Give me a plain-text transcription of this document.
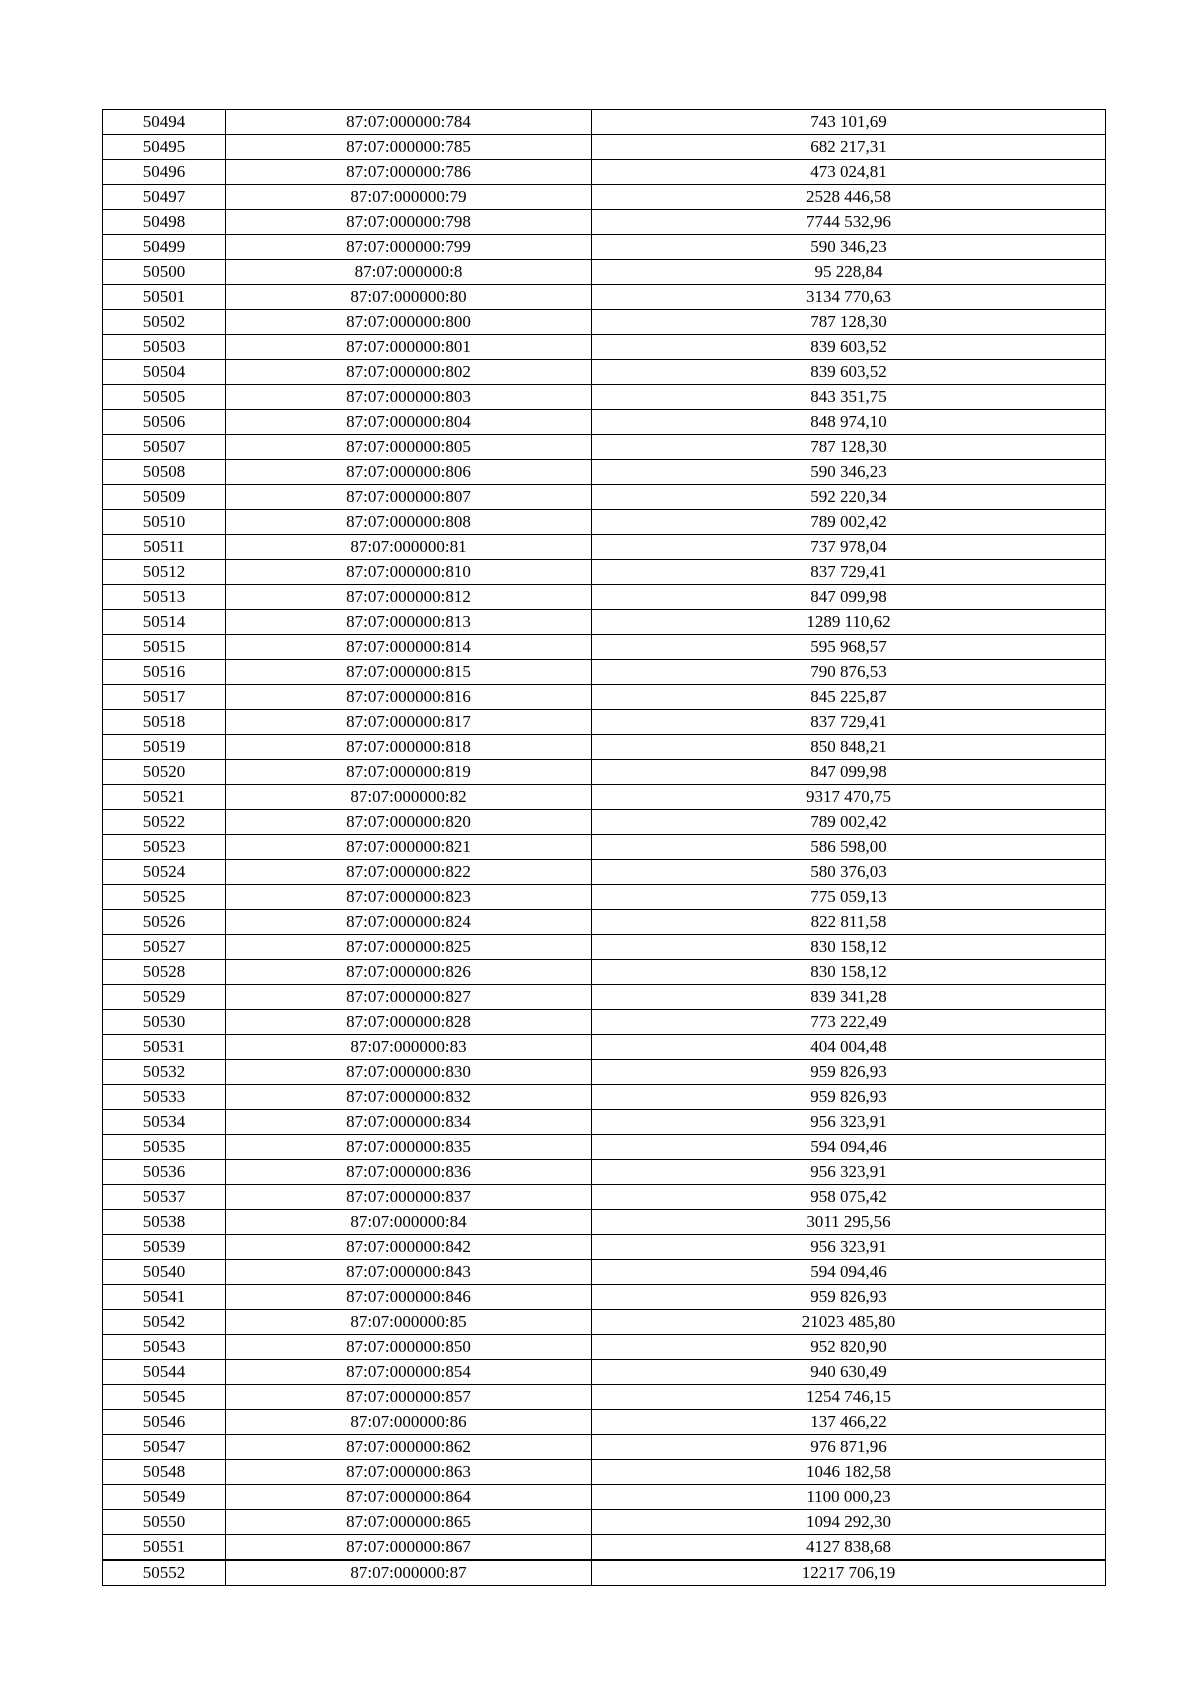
50494	87:07:000000:784	743 101,69
50495	87:07:000000:785	682 217,31
50496	87:07:000000:786	473 024,81
50497	87:07:000000:79	2528 446,58
50498	87:07:000000:798	7744 532,96
50499	87:07:000000:799	590 346,23
50500	87:07:000000:8	95 228,84
50501	87:07:000000:80	3134 770,63
50502	87:07:000000:800	787 128,30
50503	87:07:000000:801	839 603,52
50504	87:07:000000:802	839 603,52
50505	87:07:000000:803	843 351,75
50506	87:07:000000:804	848 974,10
50507	87:07:000000:805	787 128,30
50508	87:07:000000:806	590 346,23
50509	87:07:000000:807	592 220,34
50510	87:07:000000:808	789 002,42
50511	87:07:000000:81	737 978,04
50512	87:07:000000:810	837 729,41
50513	87:07:000000:812	847 099,98
50514	87:07:000000:813	1289 110,62
50515	87:07:000000:814	595 968,57
50516	87:07:000000:815	790 876,53
50517	87:07:000000:816	845 225,87
50518	87:07:000000:817	837 729,41
50519	87:07:000000:818	850 848,21
50520	87:07:000000:819	847 099,98
50521	87:07:000000:82	9317 470,75
50522	87:07:000000:820	789 002,42
50523	87:07:000000:821	586 598,00
50524	87:07:000000:822	580 376,03
50525	87:07:000000:823	775 059,13
50526	87:07:000000:824	822 811,58
50527	87:07:000000:825	830 158,12
50528	87:07:000000:826	830 158,12
50529	87:07:000000:827	839 341,28
50530	87:07:000000:828	773 222,49
50531	87:07:000000:83	404 004,48
50532	87:07:000000:830	959 826,93
50533	87:07:000000:832	959 826,93
50534	87:07:000000:834	956 323,91
50535	87:07:000000:835	594 094,46
50536	87:07:000000:836	956 323,91
50537	87:07:000000:837	958 075,42
50538	87:07:000000:84	3011 295,56
50539	87:07:000000:842	956 323,91
50540	87:07:000000:843	594 094,46
50541	87:07:000000:846	959 826,93
50542	87:07:000000:85	21023 485,80
50543	87:07:000000:850	952 820,90
50544	87:07:000000:854	940 630,49
50545	87:07:000000:857	1254 746,15
50546	87:07:000000:86	137 466,22
50547	87:07:000000:862	976 871,96
50548	87:07:000000:863	1046 182,58
50549	87:07:000000:864	1100 000,23
50550	87:07:000000:865	1094 292,30
50551	87:07:000000:867	4127 838,68
50552	87:07:000000:87	12217 706,19
